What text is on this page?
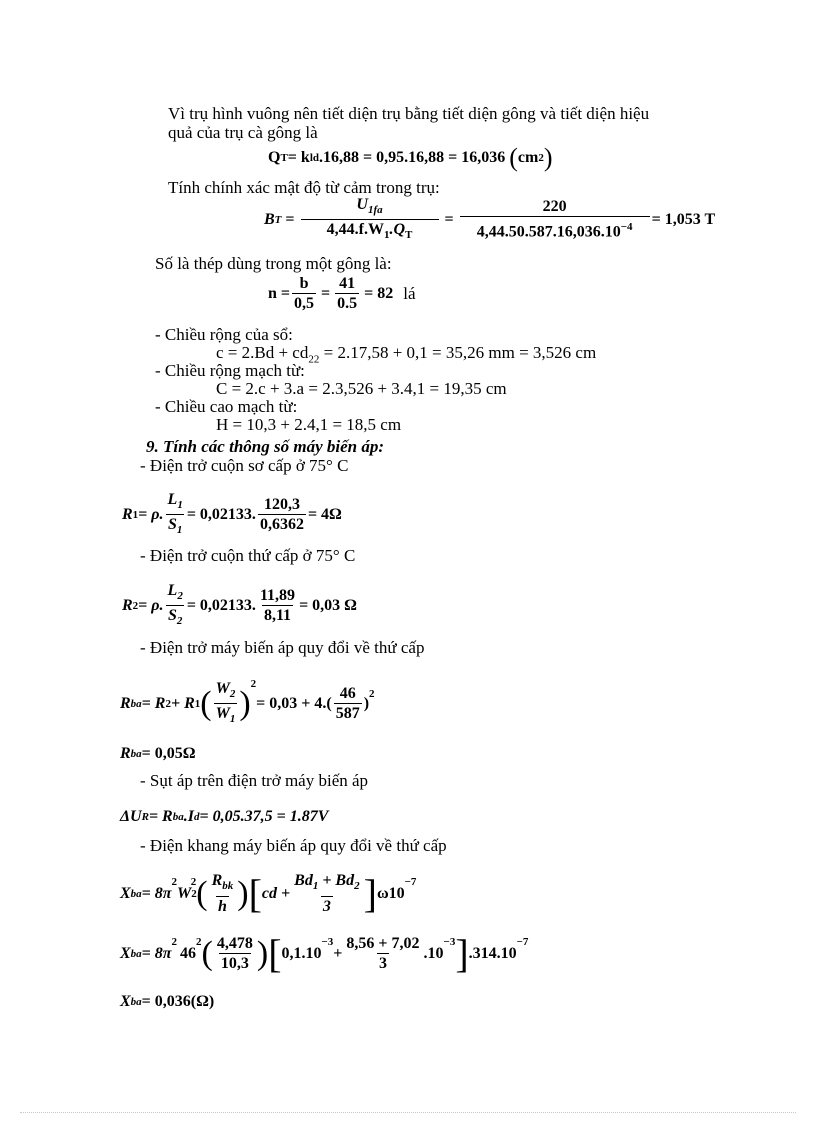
Vì trụ hình vuông nên tiết diện trụ bằng tiết diện gông và tiết diện hiệu
quả của trụ cà gông là
Q T = k ld .16,88 = 0,95.16,88 = 16,036 ( cm 2 )
Tính chính xác mật độ từ cảm trong trụ:
B $T = \frac{U_{1fa}}{4,44.f.W_1.Q_T} = \frac{220}{4,44.50.587.16,036.10^{-4}} = 1,053$ T
Số là thép dùng trong một gông là:
$n = \frac{b}{0,5} = \frac{41}{0.5} = 82$ lá
- Chiều rộng của sổ:
$c = 2.Bd + cd_{22} = 2.17,58 + 0,1 = 35,26$ mm = 3,526 cm
- Chiều rộng mạch từ:
C = 2.c + 3.a = 2.3,526 + 3.4,1 = 19,35 cm
- Chiều cao mạch từ:
H = 10,3 + 2.4,1 = 18,5 cm
9. Tính các thông số máy biến áp:
- Điện trở cuộn sơ cấp ở 75° C
R 1 = ρ. $\frac{L_1}{S_1} = 0,02133$. $\frac{120,3}{0,6362} = 4\Omega$
- Điện trở cuộn thứ cấp ở 75° C
R 2 = ρ. $\frac{L_2}{S_2} = 0,02133$. $\frac{11,89}{8,11} = 0,03$ Ω
- Điện trở máy biến áp quy đổi về thứ cấp
R ba = R 2 + R 1 ( $\frac{W_2}{W_1}$ )
$^2$
= $0,03 + 4.( \frac{46}{587}$ )
$^2$
R ba = 0,05Ω
- Sụt áp trên điện trở máy biến áp
ΔU R = R ba .I d = 0,05.37,5 = 1.87V
- Điện khang máy biến áp quy đổi về thứ cấp
X ba = 8π
$^2$
W 2
2 ( $\frac{R_{bk}}{h}$ ) [ cd + $\frac{Bd_1 + Bd_2}{3}$ ] ω10
$^{-7}$
X ba = 8π
$^2$
46
$^2$ ( $\frac{4,478}{10,3}$ ) [ 0,1.10
$^{-3}$
+ $\frac{8,56 + 7,02}{3} .10$
$^{-3}$ ] .314.10
$^{-7}$
X ba = 0,036(Ω)
